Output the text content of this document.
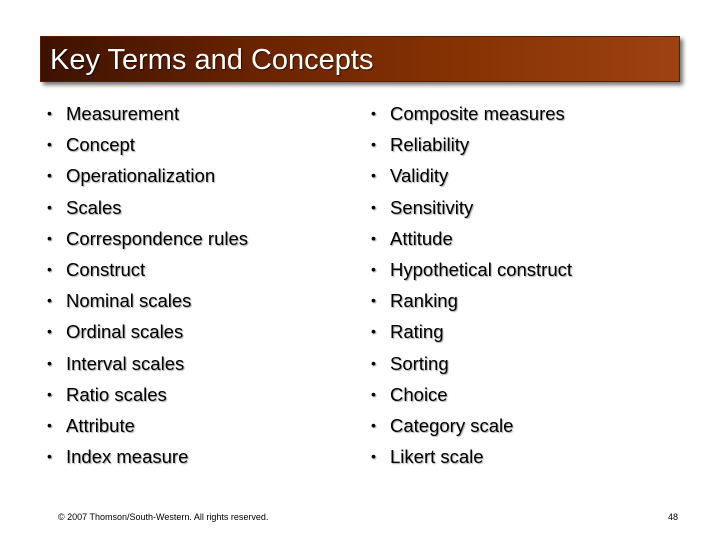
Key Terms and Concepts
• Measurement
• Concept
• Operationalization
• Scales
• Correspondence rules
• Construct
• Nominal scales
• Ordinal scales
• Interval scales
• Ratio scales
• Attribute
• Index measure
• Composite measures
• Reliability
• Validity
• Sensitivity
• Attitude
• Hypothetical construct
• Ranking
• Rating
• Sorting
• Choice
• Category scale
• Likert scale
© 2007 Thomson/South-Western. All rights reserved.	48
